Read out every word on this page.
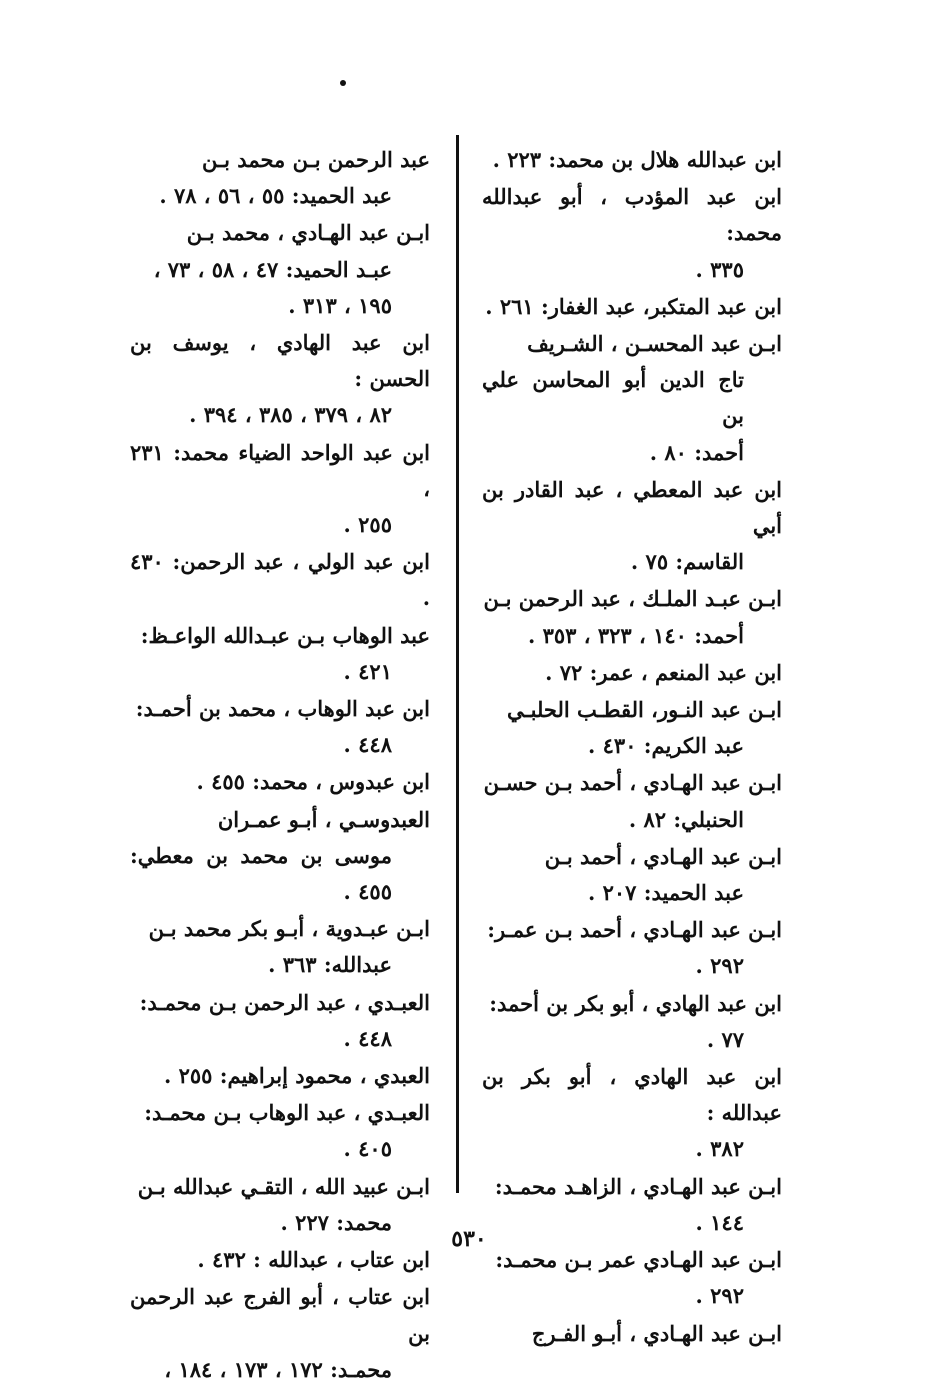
ابن عبدالله هلال بن محمد: ٢٢٣ .
ابن عبد المؤدب ، أبو عبدالله محمد:
٣٣٥ .
ابن عبد المتكبر، عبد الغفار: ٢٦١ .
ابـن عبد المحسـن ، الشـريف
تاج الدين أبو المحاسن علي بن
أحمد: ٨٠ .
ابن عبد المعطي ، عبد القادر بن أبي
القاسم: ٧٥ .
ابـن عبـد الملـك ، عبد الرحمن بـن
أحمد: ١٤٠ ، ٣٢٣ ، ٣٥٣ .
ابن عبد المنعم ، عمر: ٧٢ .
ابـن عبد النـور، القطـب الحلبـي
عبد الكريم: ٤٣٠ .
ابـن عبد الهـادي ، أحمد بـن حسـن
الحنبلي: ٨٢ .
ابـن عبد الهـادي ، أحمد بـن
عبد الحميد: ٢٠٧ .
ابـن عبد الهـادي ، أحمد بـن عمـر:
٢٩٢ .
ابن عبد الهادي ، أبو بكر بن أحمد:
٧٧ .
ابن عبد الهادي ، أبو بكر بن عبدالله :
٣٨٢ .
ابـن عبد الهـادي ، الزاهـد محمـد:
١٤٤ .
ابـن عبد الهـادي عمر بـن محمـد:
٢٩٢ .
ابـن عبد الهـادي ، أبـو الفـرج
عبد الرحمن بـن محمد بـن
عبد الحميد: ٥٥ ، ٥٦ ، ٧٨ .
ابـن عبد الهـادي ، محمد بـن
عبـد الحميد: ٤٧ ، ٥٨ ، ٧٣ ،
١٩٥ ، ٣١٣ .
ابن عبد الهادي ، يوسف بن الحسن :
٨٢ ، ٣٧٩ ، ٣٨٥ ، ٣٩٤ .
ابن عبد الواحد الضياء محمد: ٢٣١ ،
٢٥٥ .
ابن عبد الولي ، عبد الرحمن: ٤٣٠ .
عبد الوهاب بـن عبـدالله الواعـظ:
٤٢١ .
ابن عبد الوهاب ، محمد بن أحمـد:
٤٤٨ .
ابن عبدوس ، محمد: ٤٥٥ .
العبدوسـي ، أبـو عمـران
موسى بن محمد بن معطي: ٤٥٥ .
ابـن عبـدوية ، أبـو بكر محمد بـن
عبدالله: ٣٦٣ .
العبـدي ، عبد الرحمن بـن محمـد:
٤٤٨ .
العبدي ، محمود إبراهيم: ٢٥٥ .
العبـدي ، عبد الوهاب بـن محمـد:
٤٠٥ .
ابـن عبيد الله ، التقـي عبدالله بـن
محمد: ٢٢٧ .
ابن عتاب ، عبدالله : ٤٣٢ .
ابن عتاب ، أبو الفرج عبد الرحمن بن
محمـد: ١٧٢ ، ١٧٣ ، ١٨٤ ،
٥٣٠
